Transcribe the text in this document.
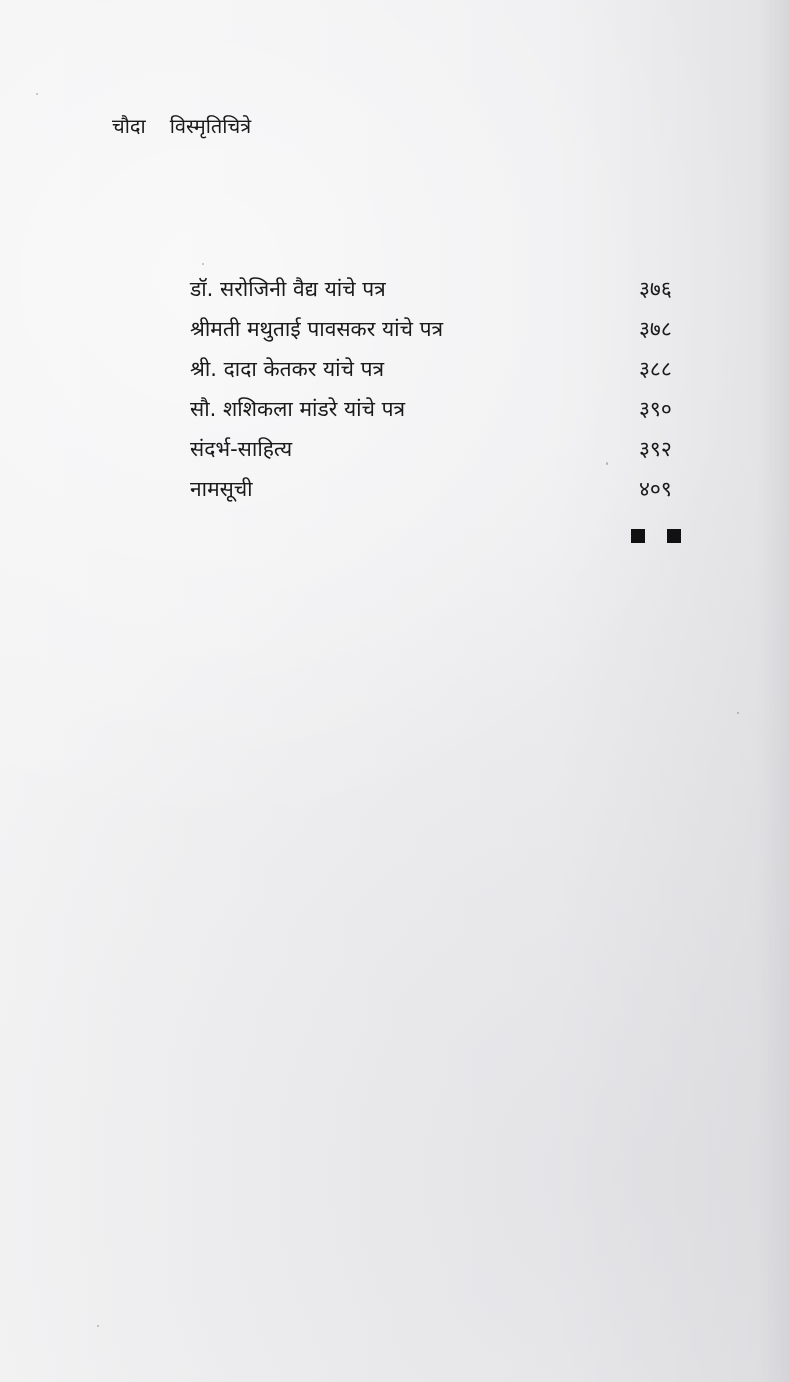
चौदा विस्मृतिचित्रे
डॉ. सरोजिनी वैद्य यांचे पत्र	३७६
श्रीमती मथुताई पावसकर यांचे पत्र	३७८
श्री. दादा केतकर यांचे पत्र	३८८
सौ. शशिकला मांडरे यांचे पत्र	३९०
संदर्भ-साहित्य	३९२
नामसूची	४०९
